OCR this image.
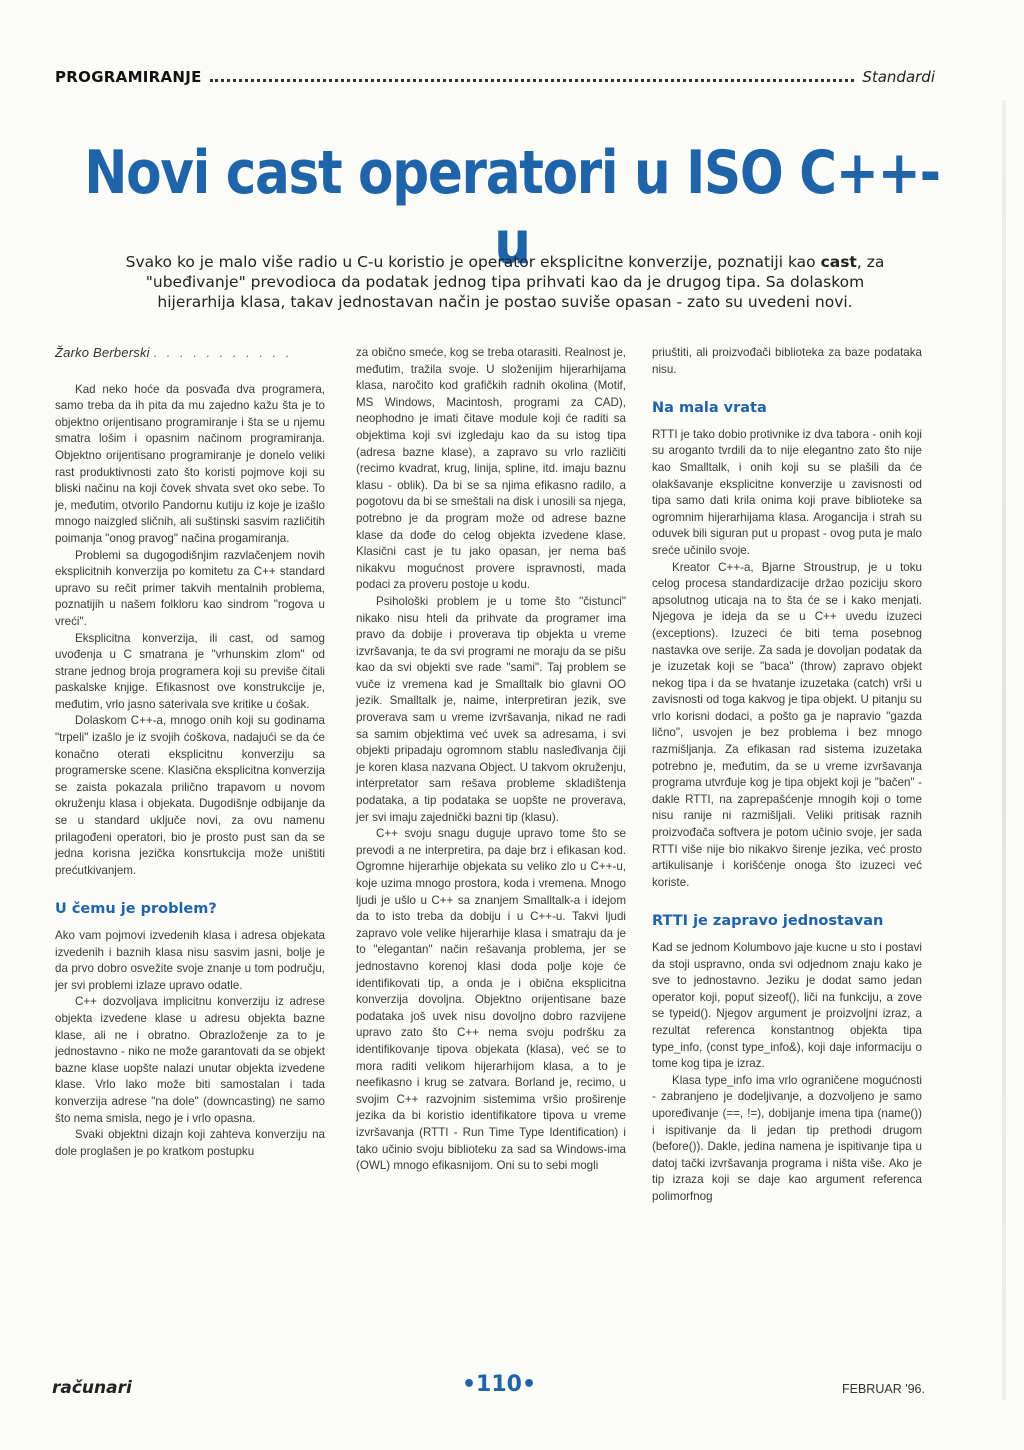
PROGRAMIRANJE	Standardi
Novi cast operatori u ISO C++-u
Svako ko je malo više radio u C-u koristio je operator eksplicitne konverzije, poznatiji kao cast, za "ubeđivanje" prevodioca da podatak jednog tipa prihvati kao da je drugog tipa. Sa dolaskom hijerarhija klasa, takav jednostavan način je postao suviše opasan - zato su uvedeni novi.

Žarko Berberski . . . . . . . . . . .

Kad neko hoće da posvađa dva programera, samo treba da ih pita da mu zajedno kažu šta je to objektno orijentisano programiranje i šta se u njemu smatra lošim i opasnim načinom programiranja. Objektno orijentisano programiranje je donelo veliki rast produktivnosti zato što koristi pojmove koji su bliski načinu na koji čovek shvata svet oko sebe. To je, međutim, otvorilo Pandornu kutiju iz koje je izašlo mnogo naizgled sličnih, ali suštinski sasvim različitih poimanja "onog pravog" načina progamiranja.

Problemi sa dugogodišnjim razvlačenjem novih eksplicitnih konverzija po komitetu za C++ standard upravo su rečit primer takvih mentalnih problema, poznatijih u našem folkloru kao sindrom "rogova u vreći".

Eksplicitna konverzija, ili cast, od samog uvođenja u C smatrana je "vrhunskim zlom" od strane jednog broja programera koji su previše čitali paskalske knjige. Efikasnost ove konstrukcije je, međutim, vrlo jasno saterivala sve kritike u ćošak.

Dolaskom C++-a, mnogo onih koji su godinama "trpeli" izašlo je iz svojih ćoškova, nadajući se da će konačno oterati eksplicitnu konverziju sa programerske scene. Klasična eksplicitna konverzija se zaista pokazala prilično trapavom u novom okruženju klasa i objekata. Dugodišnje odbijanje da se u standard uključe novi, za ovu namenu prilagođeni operatori, bio je prosto pust san da se jedna korisna jezička konsrtukcija može uništiti prećutkivanjem.

U čemu je problem?

Ako vam pojmovi izvedenih klasa i adresa objekata izvedenih i baznih klasa nisu sasvim jasni, bolje je da prvo dobro osvežite svoje znanje u tom području, jer svi problemi izlaze upravo odatle.

C++ dozvoljava implicitnu konverziju iz adrese objekta izvedene klase u adresu objekta bazne klase, ali ne i obratno. Obrazloženje za to je jednostavno - niko ne može garantovati da se objekt bazne klase uopšte nalazi unutar objekta izvedene klase. Vrlo lako može biti samostalan i tada konverzija adrese "na dole" (downcasting) ne samo što nema smisla, nego je i vrlo opasna.

Svaki objektni dizajn koji zahteva konverziju na dole proglašen je po kratkom postupku

za obično smeće, kog se treba otarasiti. Realnost je, međutim, tražila svoje. U složenijim hijerarhijama klasa, naročito kod grafičkih radnih okolina (Motif, MS Windows, Macintosh, programi za CAD), neophodno je imati čitave module koji će raditi sa objektima koji svi izgledaju kao da su istog tipa (adresa bazne klase), a zapravo su vrlo različiti (recimo kvadrat, krug, linija, spline, itd. imaju baznu klasu - oblik). Da bi se sa njima efikasno radilo, a pogotovu da bi se smeštali na disk i unosili sa njega, potrebno je da program može od adrese bazne klase da dođe do celog objekta izvedene klase. Klasični cast je tu jako opasan, jer nema baš nikakvu mogućnost provere ispravnosti, mada podaci za proveru postoje u kodu.

Psihološki problem je u tome što "čistunci" nikako nisu hteli da prihvate da programer ima pravo da dobije i proverava tip objekta u vreme izvršavanja, te da svi programi ne moraju da se pišu kao da svi objekti sve rade "sami". Taj problem se vuče iz vremena kad je Smalltalk bio glavni OO jezik. Smalltalk je, naime, interpretiran jezik, sve proverava sam u vreme izvršavanja, nikad ne radi sa samim objektima već uvek sa adresama, i svi objekti pripadaju ogromnom stablu nasleđivanja čiji je koren klasa nazvana Object. U takvom okruženju, interpretator sam rešava probleme skladištenja podataka, a tip podataka se uopšte ne proverava, jer svi imaju zajednički bazni tip (klasu).

C++ svoju snagu duguje upravo tome što se prevodi a ne interpretira, pa daje brz i efikasan kod. Ogromne hijerarhije objekata su veliko zlo u C++-u, koje uzima mnogo prostora, koda i vremena. Mnogo ljudi je ušlo u C++ sa znanjem Smalltalk-a i idejom da to isto treba da dobiju i u C++-u. Takvi ljudi zapravo vole velike hijerarhije klasa i smatraju da je to "elegantan" način rešavanja problema, jer se jednostavno korenoj klasi doda polje koje će identifikovati tip, a onda je i obična eksplicitna konverzija dovoljna. Objektno orijentisane baze podataka još uvek nisu dovoljno dobro razvijene upravo zato što C++ nema svoju podršku za identifikovanje tipova objekata (klasa), već se to mora raditi velikom hijerarhijom klasa, a to je neefikasno i krug se zatvara. Borland je, recimo, u svojim C++ razvojnim sistemima vršio proširenje jezika da bi koristio identifikatore tipova u vreme izvršavanja (RTTI - Run Time Type Identification) i tako učinio svoju biblioteku za sad sa Windows-ima (OWL) mnogo efikasnijom. Oni su to sebi mogli

priuštiti, ali proizvođači biblioteka za baze podataka nisu.

Na mala vrata

RTTI je tako dobio protivnike iz dva tabora - onih koji su aroganto tvrdili da to nije elegantno zato što nije kao Smalltalk, i onih koji su se plašili da će olakšavanje eksplicitne konverzije u zavisnosti od tipa samo dati krila onima koji prave biblioteke sa ogromnim hijerarhijama klasa. Arogancija i strah su oduvek bili siguran put u propast - ovog puta je malo sreće učinilo svoje.

Kreator C++-a, Bjarne Stroustrup, je u toku celog procesa standardizacije držao poziciju skoro apsolutnog uticaja na to šta će se i kako menjati. Njegova je ideja da se u C++ uvedu izuzeci (exceptions). Izuzeci će biti tema posebnog nastavka ove serije. Za sada je dovoljan podatak da je izuzetak koji se "baca" (throw) zapravo objekt nekog tipa i da se hvatanje izuzetaka (catch) vrši u zavisnosti od toga kakvog je tipa objekt. U pitanju su vrlo korisni dodaci, a pošto ga je napravio "gazda lično", usvojen je bez problema i bez mnogo razmišljanja. Za efikasan rad sistema izuzetaka potrebno je, međutim, da se u vreme izvršavanja programa utvrđuje kog je tipa objekt koji je "bačen" - dakle RTTI, na zaprepašćenje mnogih koji o tome nisu ranije ni razmišljali. Veliki pritisak raznih proizvođača softvera je potom učinio svoje, jer sada RTTI više nije bio nikakvo širenje jezika, već prosto artikulisanje i korišćenje onoga što izuzeci već koriste.

RTTI je zapravo jednostavan

Kad se jednom Kolumbovo jaje kucne u sto i postavi da stoji uspravno, onda svi odjednom znaju kako je sve to jednostavno. Jeziku je dodat samo jedan operator koji, poput sizeof(), liči na funkciju, a zove se typeid(). Njegov argument je proizvoljni izraz, a rezultat referenca konstantnog objekta tipa type_info, (const type_info&), koji daje informaciju o tome kog tipa je izraz.

Klasa type_info ima vrlo ograničene mogućnosti - zabranjeno je dodeljivanje, a dozvoljeno je samo upoređivanje (==, !=), dobijanje imena tipa (name()) i ispitivanje da li jedan tip prethodi drugom (before()). Dakle, jedina namena je ispitivanje tipa u datoj tački izvršavanja programa i ništa više. Ako je tip izraza koji se daje kao argument referenca polimorfnog

računari	•110•	FEBRUAR '96.
